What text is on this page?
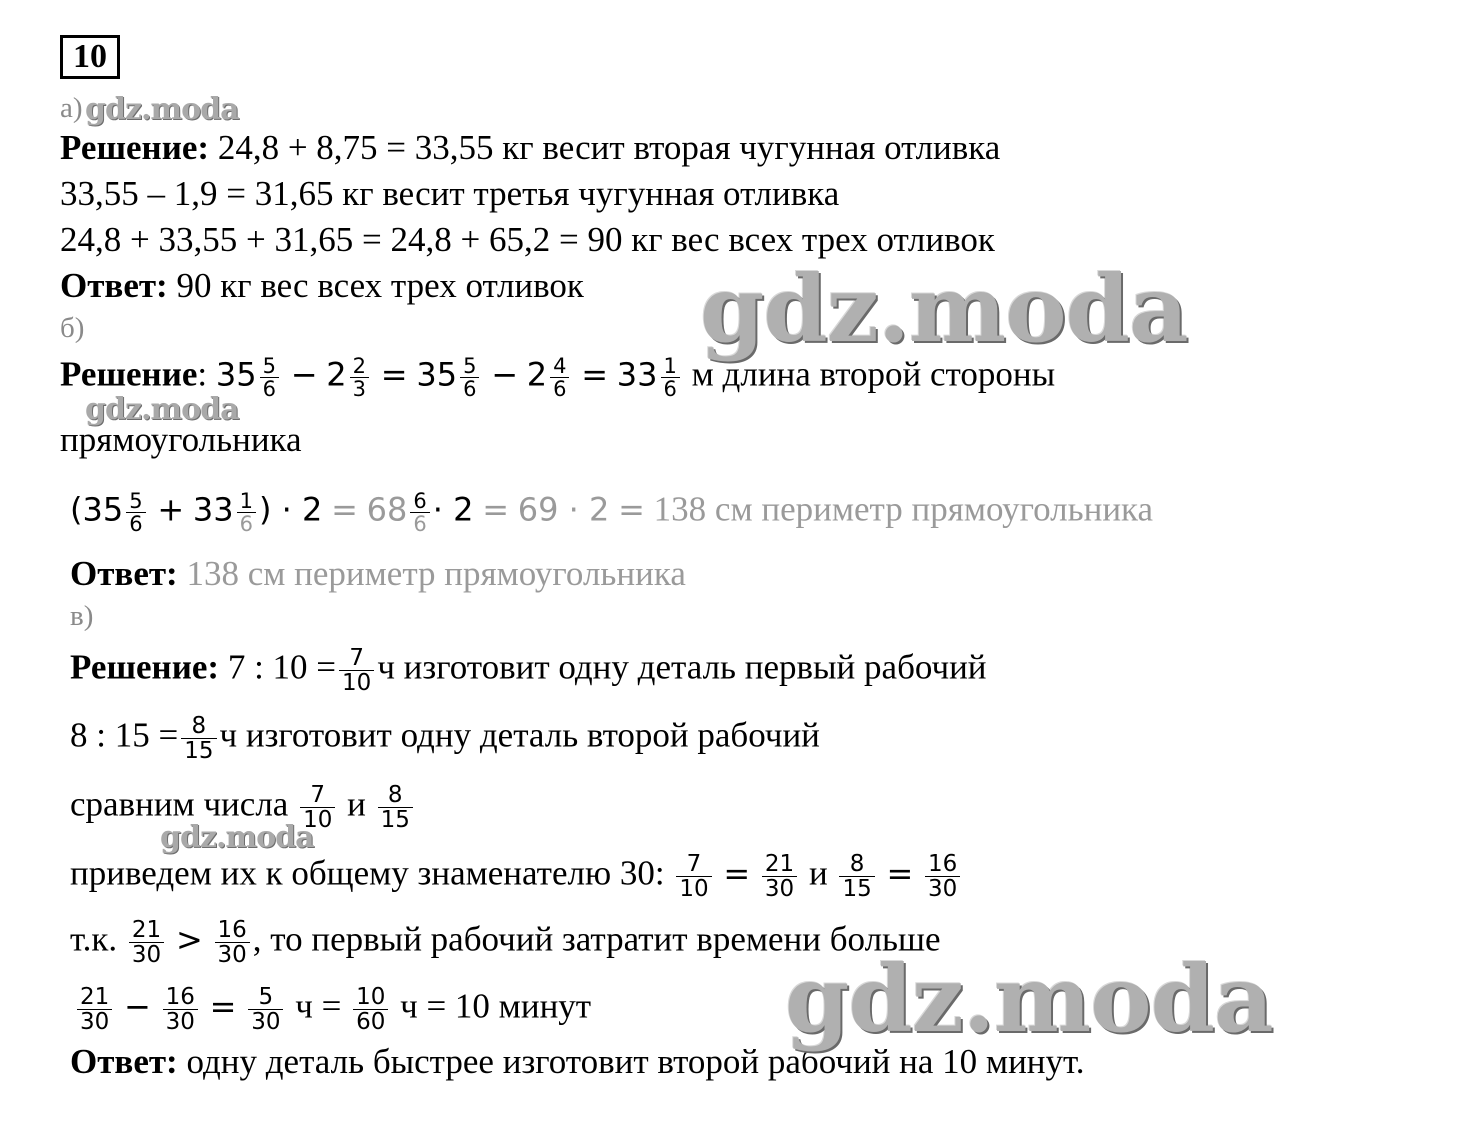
10
а)
Решение: 24,8 + 8,75 = 33,55 кг весит вторая чугунная отливка
33,55 – 1,9 = 31,65 кг весит третья чугунная отливка
24,8 + 33,55 + 31,65 = 24,8 + 65,2 = 90 кг вес всех трех отливок
Ответ: 90 кг вес всех трех отливок
б)
Решение: $35 \frac{5}{6} - 2 \frac{2}{3} = 35 \frac{5}{6} - 2 \frac{4}{6} = 33 \frac{1}{6}$ м длина второй стороны
прямоугольника
($35 \frac{5}{6} + 33 \frac{1}{6}$ ) · $2 = 68 \frac{6}{6} \cdot 2 = 69 \cdot 2 = 138$ см периметр прямоугольника
Ответ: 138 см периметр прямоугольника
в)
Решение: 7 : $10 = \frac{7}{10}$ ч изготовит одну деталь первый рабочий
8 : $15 = \frac{8}{15}$ ч изготовит одну деталь второй рабочий
сравним числа $\frac{7}{10}$ и $\frac{8}{15}$
приведем их к общему знаменателю 30: $\frac{7}{10} = \frac{21}{30}$ и $\frac{8}{15} = \frac{16}{30}$
т.к. $\frac{21}{30} > \frac{16}{30}$ , то первый рабочий затратит времени больше
$\frac{21}{30} - \frac{16}{30} = \frac{5}{30}$ $ч = \frac{10}{60}$ ч = 10 минут
Ответ: одну деталь быстрее изготовит второй рабочий на 10 минут.
gdz.moda
gdz.moda
gdz.moda
gdz.moda
gdz.moda
